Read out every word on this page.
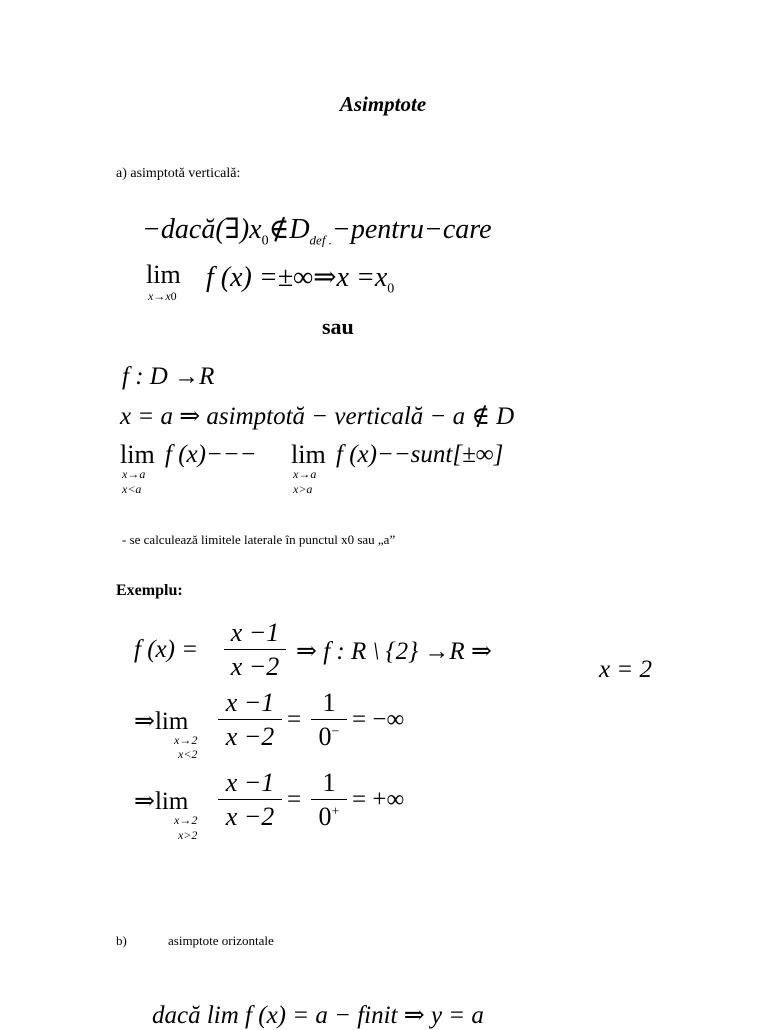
Asimptote
a) asimptotă verticală:
$-dacă(\exists)x_0\notin D_{def .}-pentru-care$
lim
x→x0
f (x) =±∞⇒x $=x_0$
sau
f : D →R
x = a ⇒ asimptotă − verticală − a ∉ D
lim
x→a
x<a
f (x)−−− lim
x→a
x>a
f (x)−−sunt[±∞]
- se calculează limitele laterale în punctul x0 sau „a”
Exemplu:
f (x) =
x −1
x −2
⇒ f : R \ {2} →R ⇒
x = 2
⇒lim
x→2
x<2
x −1
x −2
=
1
0− = −∞
⇒lim
x→2
x>2
x −1
x −2
=
1
0+ = +∞
b)	asimptote orizontale
dacă lim f (x) = a − finit ⇒ y = a
